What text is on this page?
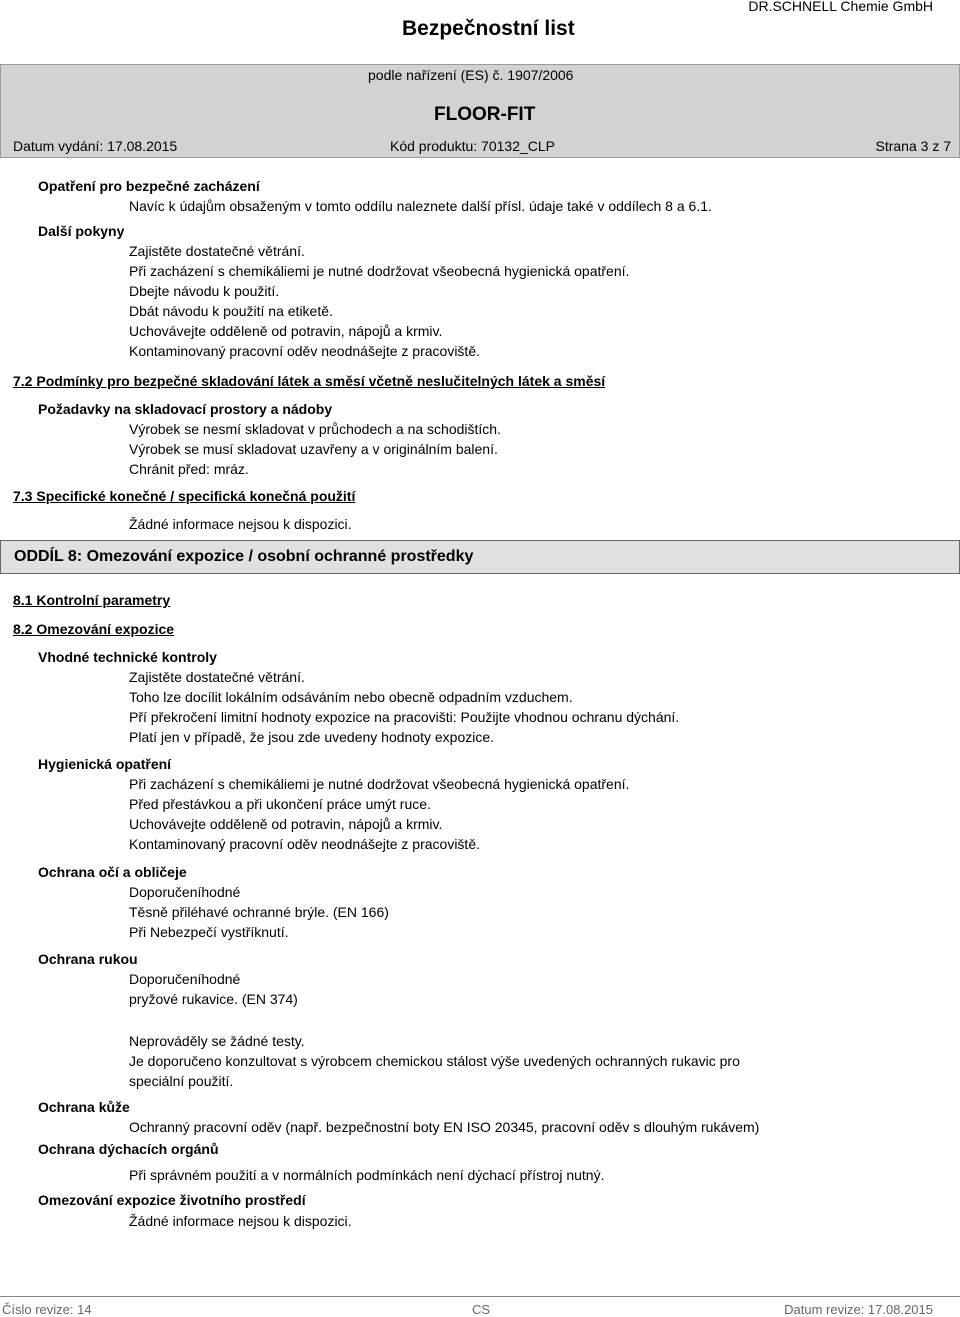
Bezpečnostní list
DR.SCHNELL Chemie GmbH
podle nařízení (ES) č. 1907/2006
FLOOR-FIT
Datum vydání: 17.08.2015	Kód produktu: 70132_CLP	Strana 3 z 7
Opatření pro bezpečné zacházení
Navíc k údajům obsaženým v tomto oddílu naleznete další přísl. údaje také v oddílech 8 a 6.1.
Další pokyny
Zajistěte dostatečné větrání.
Při zacházení s chemikáliemi je nutné dodržovat všeobecná hygienická opatření.
Dbejte návodu k použití.
Dbát návodu k použití na etiketě.
Uchovávejte odděleně od potravin, nápojů a krmiv.
Kontaminovaný pracovní oděv neodnášejte z pracoviště.
7.2 Podmínky pro bezpečné skladování látek a směsí včetně neslučitelných látek a směsí
Požadavky na skladovací prostory a nádoby
Výrobek se nesmí skladovat v průchodech a na schodištích.
Výrobek se musí skladovat uzavřeny a v originálním balení.
Chránit před: mráz.
7.3 Specifické konečné / specifická konečná použití
Žádné informace nejsou k dispozici.
ODDÍL 8: Omezování expozice / osobní ochranné prostředky
8.1 Kontrolní parametry
8.2 Omezování expozice
Vhodné technické kontroly
Zajistěte dostatečné větrání.
Toho lze docílit lokálním odsáváním nebo obecně odpadním vzduchem.
Pří překročení limitní hodnoty expozice na pracovišti: Použijte vhodnou ochranu dýchání.
Platí jen v případě, že jsou zde uvedeny hodnoty expozice.
Hygienická opatření
Při zacházení s chemikáliemi je nutné dodržovat všeobecná hygienická opatření.
Před přestávkou a při ukončení práce umýt ruce.
Uchovávejte odděleně od potravin, nápojů a krmiv.
Kontaminovaný pracovní oděv neodnášejte z pracoviště.
Ochrana očí a obličeje
Doporučeníhodné
Těsně přiléhavé ochranné brýle. (EN 166)
Při Nebezpečí vystříknutí.
Ochrana rukou
Doporučeníhodné
pryžové rukavice. (EN 374)
Neprováděly se žádné testy.
Je doporučeno konzultovat s výrobcem chemickou stálost výše uvedených ochranných rukavic pro
speciální použití.
Ochrana kůže
Ochranný pracovní oděv (např. bezpečnostní boty EN ISO 20345, pracovní oděv s dlouhým rukávem)
Ochrana dýchacích orgánů
Při správném použití a v normálních podmínkách není dýchací přístroj nutný.
Omezování expozice životního prostředí
Žádné informace nejsou k dispozici.
Číslo revize: 14	CS	Datum revize: 17.08.2015
